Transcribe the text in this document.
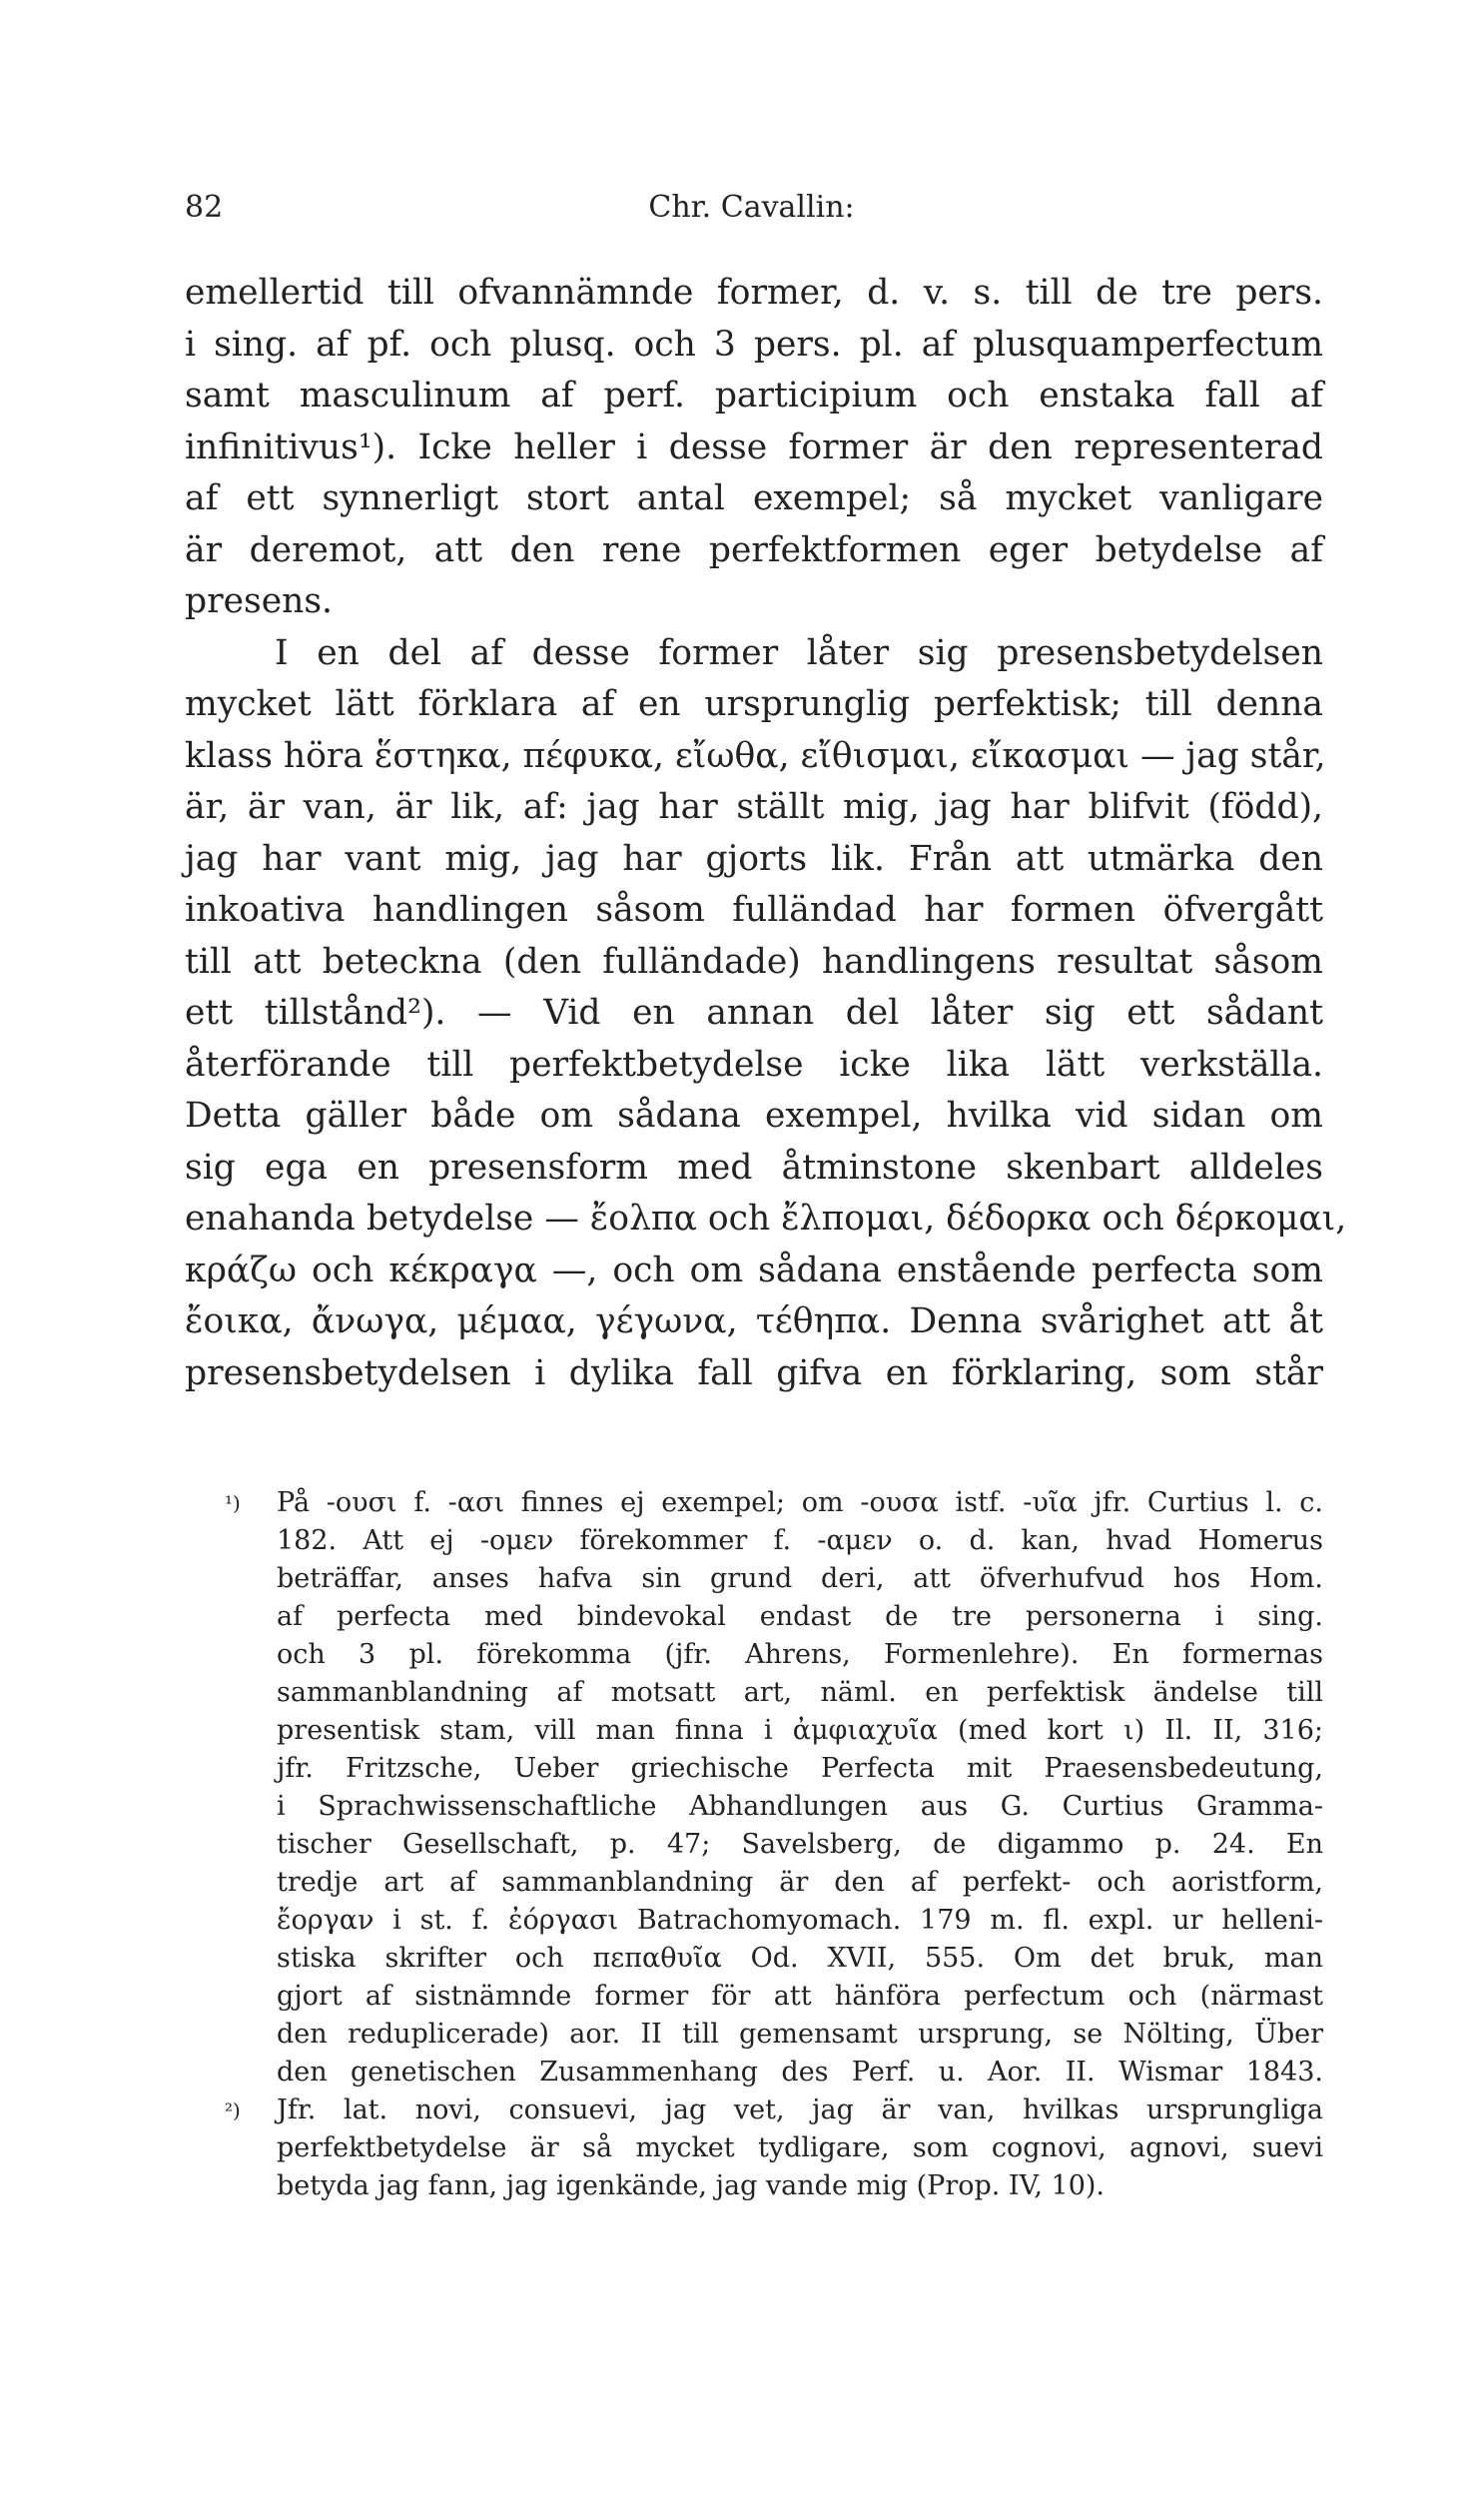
82	Chr. Cavallin:
emellertid till ofvannämnde former, d. v. s. till de tre pers.
i sing. af pf. och plusq. och 3 pers. pl. af plusquamperfectum
samt masculinum af perf. participium och enstaka fall af
infinitivus¹). Icke heller i desse former är den representerad
af ett synnerligt stort antal exempel; så mycket vanligare
är deremot, att den rene perfektformen eger betydelse af
presens.
I en del af desse former låter sig presensbetydelsen
mycket lätt förklara af en ursprunglig perfektisk; till denna
klass höra ἕστηκα, πέφυκα, εἴωθα, εἴθισμαι, εἴκασμαι — jag står,
är, är van, är lik, af: jag har ställt mig, jag har blifvit (född),
jag har vant mig, jag har gjorts lik. Från att utmärka den
inkoativa handlingen såsom fulländad har formen öfvergått
till att beteckna (den fulländade) handlingens resultat såsom
ett tillstånd²). — Vid en annan del låter sig ett sådant
återförande till perfektbetydelse icke lika lätt verkställa.
Detta gäller både om sådana exempel, hvilka vid sidan om
sig ega en presensform med åtminstone skenbart alldeles
enahanda betydelse — ἔολπα och ἔλπομαι, δέδορκα och δέρκομαι,
κράζω och κέκραγα —, och om sådana enstående perfecta som
ἔοικα, ἄνωγα, μέμαα, γέγωνα, τέθηπα. Denna svårighet att åt
presensbetydelsen i dylika fall gifva en förklaring, som står
¹)	På -ουσι f. -ασι finnes ej exempel; om -ουσα istf. -υῖα jfr. Curtius l. c.
182. Att ej -ομεν förekommer f. -αμεν o. d. kan, hvad Homerus
beträffar, anses hafva sin grund deri, att öfverhufvud hos Hom.
af perfecta med bindevokal endast de tre personerna i sing.
och 3 pl. förekomma (jfr. Ahrens, Formenlehre). En formernas
sammanblandning af motsatt art, näml. en perfektisk ändelse till
presentisk stam, vill man finna i ἀμφιαχυῖα (med kort ι) Il. II, 316;
jfr. Fritzsche, Ueber griechische Perfecta mit Praesensbedeutung,
i Sprachwissenschaftliche Abhandlungen aus G. Curtius Gramma-
tischer Gesellschaft, p. 47; Savelsberg, de digammo p. 24. En
tredje art af sammanblandning är den af perfekt- och aoristform,
ἔοργαν i st. f. ἐόργασι Batrachomyomach. 179 m. fl. expl. ur helleni-
stiska skrifter och πεπαθυῖα Od. XVII, 555. Om det bruk, man
gjort af sistnämnde former för att hänföra perfectum och (närmast
den reduplicerade) aor. II till gemensamt ursprung, se Nölting, Über
den genetischen Zusammenhang des Perf. u. Aor. II. Wismar 1843.
²)	Jfr. lat. novi, consuevi, jag vet, jag är van, hvilkas ursprungliga
perfektbetydelse är så mycket tydligare, som cognovi, agnovi, suevi
betyda jag fann, jag igenkände, jag vande mig (Prop. IV, 10).
